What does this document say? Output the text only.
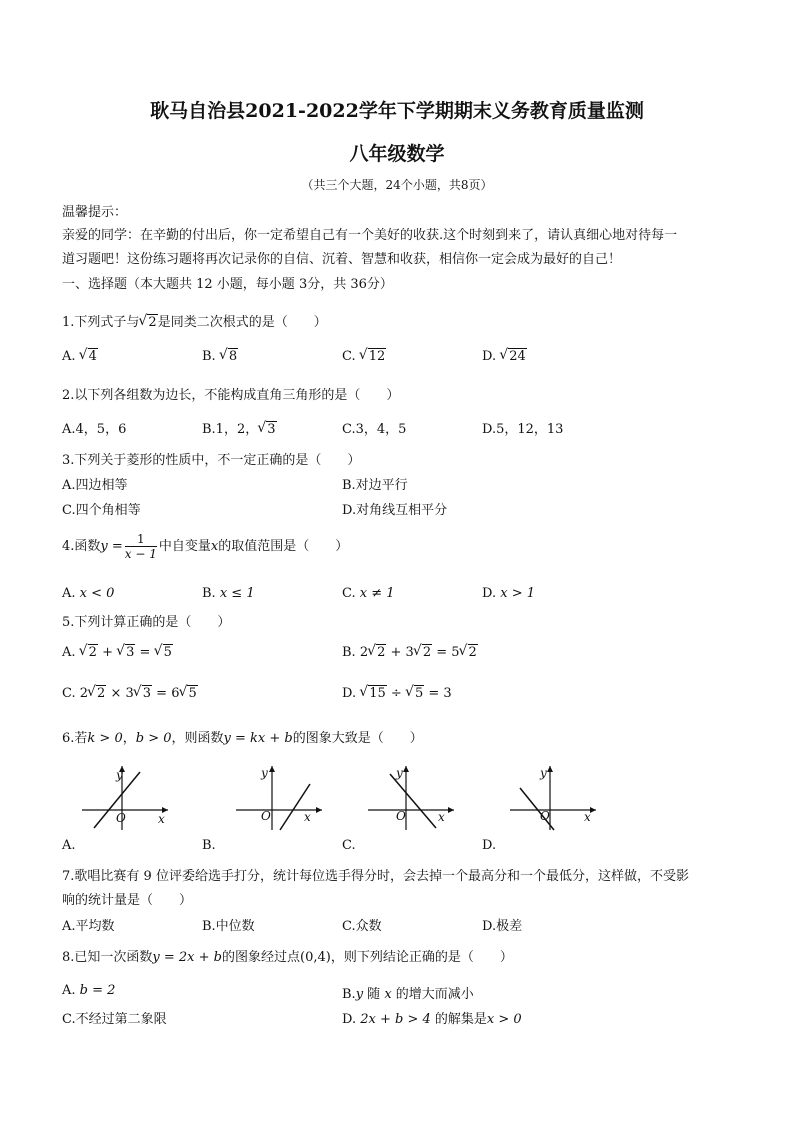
耿马自治县2021-2022学年下学期期末义务教育质量监测
八年级数学
（共三个大题，24个小题，共8页）
温馨提示：
亲爱的同学：在辛勤的付出后，你一定希望自己有一个美好的收获.这个时刻到来了，请认真细心地对待每一
道习题吧！这份练习题将再次记录你的自信、沉着、智慧和收获，相信你一定会成为最好的自己！
一、选择题（本大题共 12 小题，每小题 3分，共 36分）
1.下列式子与 √ 2是同类二次根式的是（　　）
A. √ 4	B. √ 8	C. √ 12	D. √ 24
2.以下列各组数为边长，不能构成直角三角形的是（　　）
A.4，5，6	B.1，2， √ 3	C.3，4，5	D.5，12，13
3.下列关于菱形的性质中，不一定正确的是（　　）
A.四边相等	B.对边平行
C.四个角相等	D.对角线互相平分
4.函数$y = \frac{1}{x - 1}$ 中自变量x的取值范围是（　　）
A. x < 0	B. x ≤ 1	C. x ≠ 1	D. x > 1
5.下列计算正确的是（　　）
A. √ 2 + √ 3 = √ 5	B. 2 √ 2 + 3 √ 2 = 5 √ 2
C. 2 √ 2 × 3 √ 3 = 6 √ 5	D. √ 15 ÷ √ 5 = 3
6.若k > 0，b > 0，则函数y = kx + b的图象大致是（　　）
y
O	x
y
O	x
y
O	x
y
O	x
A.	B.	C.	D.
7.歌唱比赛有 9 位评委给选手打分，统计每位选手得分时，会去掉一个最高分和一个最低分，这样做，不受影
响的统计量是（　　）
A.平均数	B.中位数	C.众数	D.极差
8.已知一次函数y = 2x + b的图象经过点(0,4)，则下列结论正确的是（　　）
A. b = 2	B.y 随 x 的增大而减小
C.不经过第二象限	D. 2x + b > 4 的解集是x > 0
